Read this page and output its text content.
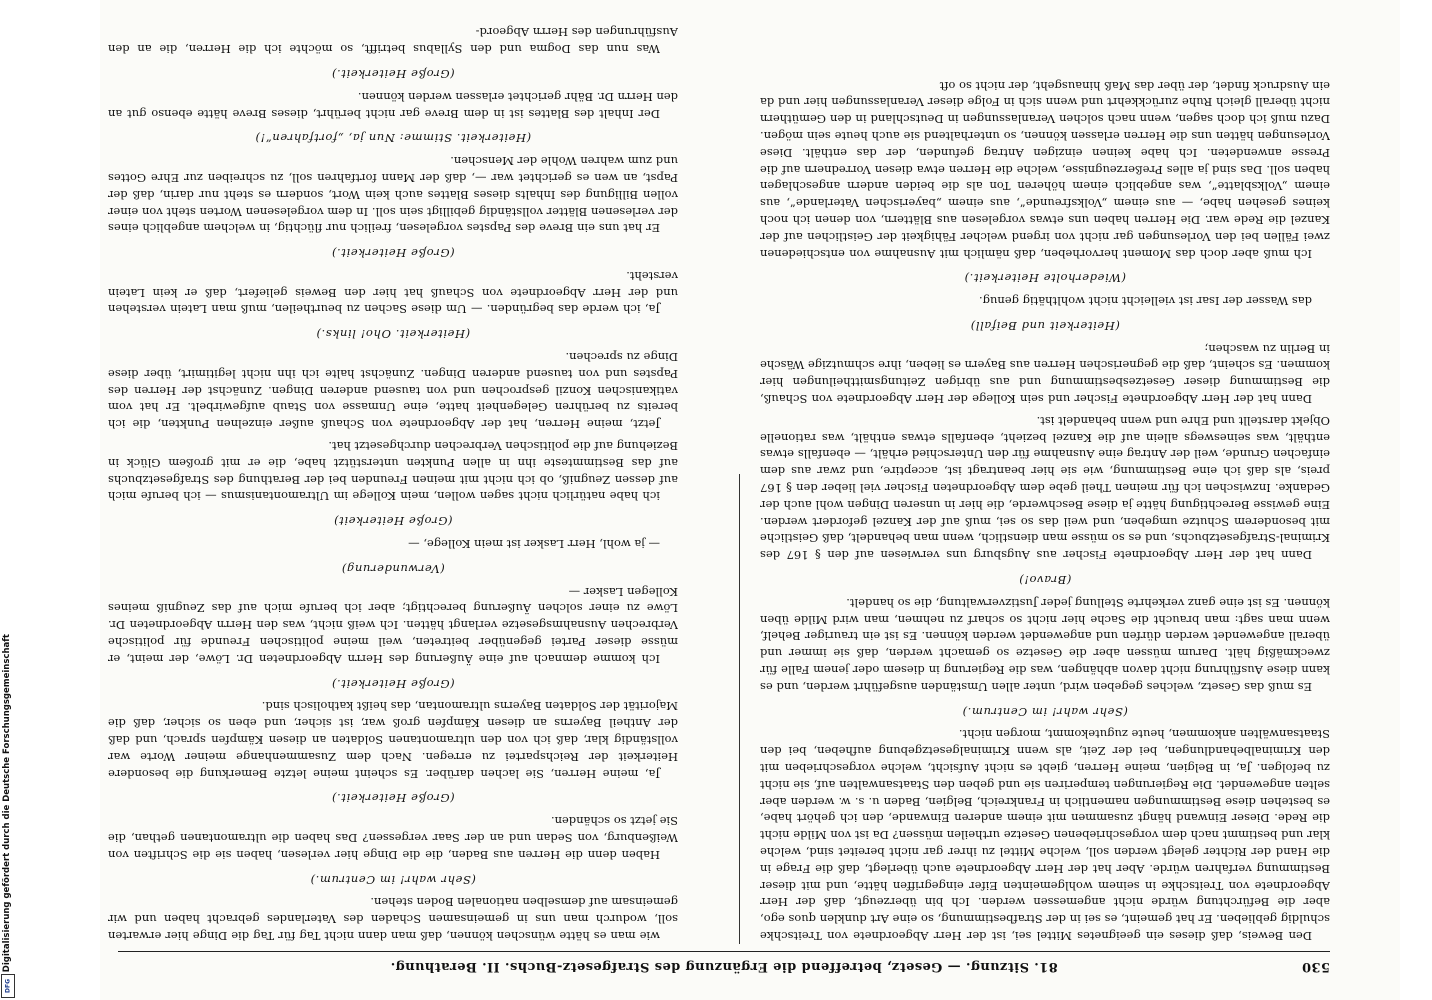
Digitalisierung gefördert durch die Deutsche Forschungsgemeinschaft
DFG
530
81. Sitzung. — Gesetz, betreffend die Ergänzung des Strafgesetz-Buchs. II. Berathung.

Den Beweis, daß dieses ein geeignetes Mittel sei, ist der Herr Abgeordnete von Treitschke schuldig geblieben. Er hat gemeint, es sei in der Strafbestimmung, so eine Art dunklen quos ego, aber die Befürchtung würde nicht angemessen werden. Ich bin überzeugt, daß der Herr Abgeordnete von Treitschke in seinem wohlgemeinten Eifer eingegriffen hätte, und mit dieser Bestimmung verfahren würde. Aber hat der Herr Abgeordnete auch überlegt, daß die Frage in die Hand der Richter gelegt werden soll, welche Mittel zu ihrer gar nicht bereitet sind, welche klar und bestimmt nach dem vorgeschriebenen Gesetze urtheilen müssen? Da ist von Milde nicht die Rede. Dieser Einwand hängt zusammen mit einem anderen Einwande, den ich gehört habe, es bestehen diese Bestimmungen namentlich in Frankreich, Belgien, Baden u. s. w. werden aber selten angewendet. Die Regierungen temperiren sie und geben den Staatsanwalten auf, sie nicht zu befolgen. Ja, in Belgien, meine Herren, giebt es nicht Aufsicht, welche vorgeschrieben mit den Kriminalbehandlungen, bei der Zeit, als wenn Kriminalgesetzgebung aufheben, bei den Staatsanwälten ankommen, heute zugutekommt, morgen nicht.

(Sehr wahr! im Centrum.)

Es muß das Gesetz, welches gegeben wird, unter allen Umständen ausgeführt werden, und es kann diese Ausführung nicht davon abhängen, was die Regierung in diesem oder jenem Falle für zweckmäßig hält. Darum müssen aber die Gesetze so gemacht werden, daß sie immer und überall angewendet werden dürfen und angewendet werden können. Es ist ein trauriger Behelf, wenn man sagt: man braucht die Sache hier nicht so scharf zu nehmen, man wird Milde üben können. Es ist eine ganz verkehrte Stellung jeder Justizverwaltung, die so handelt.

(Bravo!)

Dann hat der Herr Abgeordnete Fischer aus Augsburg uns verwiesen auf den § 167 des Kriminal-Strafgesetzbuchs, und es so müsse man dienstlich, wenn man behandelt, daß Geistliche mit besonderem Schutze umgeben, und weil das so sei, muß auf der Kanzel gefordert werden. Eine gewisse Berechtigung hätte ja diese Beschwerde, die hier in unseren Dingen wohl auch der Gedanke. Inzwischen ich für meinen Theil gebe dem Abgeordneten Fischer viel lieber den § 167 preis, als daß ich eine Bestimmung, wie sie hier beantragt ist, acceptire, und zwar aus dem einfachen Grunde, weil der Antrag eine Ausnahme für den Unterschied erhält, — ebenfalls etwas enthält, was seineswegs allein auf die Kanzel bezieht, ebenfalls etwas enthält, was rationelle Objekt darstellt und Ehre und wenn behandelt ist.

Dann hat der Herr Abgeordnete Fischer und sein Kollege der Herr Abgeordnete von Schauß, die Bestimmung dieser Gesetzesbestimmung und aus übrigen Zeitungsmittheilungen hier kommen. Es scheint, daß die gegnerischen Herren aus Bayern es lieben, ihre schmutzige Wäsche in Berlin zu waschen;

(Heiterkeit und Beifall)

das Wasser der Isar ist vielleicht nicht wohlthätig genug.

(Wiederholte Heiterkeit.)

Ich muß aber doch das Moment hervorheben, daß nämlich mit Ausnahme von entschiedenen zwei Fällen bei den Vorlesungen gar nicht von irgend welcher Fähigkeit der Geistlichen auf der Kanzel die Rede war. Die Herren haben uns etwas vorgelesen aus Blättern, von denen ich noch keines gesehen habe, — aus einem „Volksfreunde“, aus einem „bayerischen Vaterlande“, aus einem „Volksblatte“, was angeblich einem höheren Ton als die beiden andern angeschlagen haben soll. Das sind ja alles Preßerzeugnisse, welche die Herren etwa diesen Vorrednern auf die Presse anwendeten. Ich habe keinen einzigen Antrag gefunden, der das enthält. Diese Vorlesungen hätten uns die Herren erlassen können, so unterhaltend sie auch heute sein mögen. Dazu muß ich doch sagen, wenn nach solchen Veranlassungen in Deutschland in den Gemüthern nicht überall gleich Ruhe zurückkehrt und wenn sich in Folge dieser Veranlassungen hier und da ein Ausdruck findet, der über das Maß hinausgeht, der nicht so oft

wie man es hätte wünschen können, daß man dann nicht Tag für Tag die Dinge hier erwarten soll, wodurch man uns in gemeinsamen Schaden des Vaterlandes gebracht haben und wir gemeinsam auf demselben nationalen Boden stehen.

(Sehr wahr! im Centrum.)

Haben denn die Herren aus Baden, die die Dinge hier verlesen, haben sie die Schriften von Weißenburg, von Sedan und an der Saar vergessen? Das haben die ultramontanen gethan, die Sie jetzt so schänden.

(Große Heiterkeit.)

Ja, meine Herren, Sie lachen darüber. Es scheint meine letzte Bemerkung die besondere Heiterkeit der Reichspartei zu erregen. Nach dem Zusammenhange meiner Worte war vollständig klar, daß ich von den ultramontanen Soldaten an diesen Kämpfen sprach, und daß der Antheil Bayerns an diesen Kämpfen groß war, ist sicher, und eben so sicher, daß die Majorität der Soldaten Bayerns ultramontan, das heißt katholisch sind.

(Große Heiterkeit.)

Ich komme demnach auf eine Äußerung des Herrn Abgeordneten Dr. Löwe, der meint, er müsse dieser Partei gegenüber beitreten, weil meine politischen Freunde für politische Verbrechen Ausnahmsgesetze verlangt hätten. Ich weiß nicht, was den Herrn Abgeordneten Dr. Löwe zu einer solchen Äußerung berechtigt; aber ich berufe mich auf das Zeugniß meines Kollegen Lasker —

(Verwunderung)

— ja wohl, Herr Lasker ist mein Kollege, —

(Große Heiterkeit)

ich habe natürlich nicht sagen wollen, mein Kollege im Ultramontanismus — ich berufe mich auf dessen Zeugniß, ob ich nicht mit meinen Freunden bei der Berathung des Strafgesetzbuchs auf das Bestimmteste ihn in allen Punkten unterstützt habe, die er mit großem Glück in Beziehung auf die politischen Verbrechen durchgesetzt hat.

Jetzt, meine Herren, hat der Abgeordnete von Schauß außer einzelnen Punkten, die ich bereits zu berühren Gelegenheit hatte, eine Unmasse von Staub aufgewirbelt. Er hat vom vatikanischen Konzil gesprochen und von tausend anderen Dingen. Zunächst der Herren des Papstes und von tausend anderen Dingen. Zunächst halte ich ihn nicht legitimirt, über diese Dinge zu sprechen.

(Heiterkeit. Oho! links.)

Ja, ich werde das begründen. — Um diese Sachen zu beurtheilen, muß man Latein verstehen und der Herr Abgeordnete von Schauß hat hier den Beweis geliefert, daß er kein Latein versteht.

(Große Heiterkeit.)

Er hat uns ein Breve des Papstes vorgelesen, freilich nur flüchtig, in welchem angeblich eines der verlesenen Blätter vollständig gebilligt sein soll. In dem vorgelesenen Worten steht von einer vollen Billigung des Inhalts dieses Blattes auch kein Wort, sondern es steht nur darin, daß der Papst, an wen es gerichtet war —, daß der Mann fortfahren soll, zu schreiben zur Ehre Gottes und zum wahren Wohle der Menschen.

(Heiterkeit. Stimme: Nun ja, „fortfahren“!)

Der Inhalt des Blattes ist in dem Breve gar nicht berührt, dieses Breve hätte ebenso gut an den Herrn Dr. Bähr gerichtet erlassen werden können.

(Große Heiterkeit.)

Was nun das Dogma und den Syllabus betrifft, so möchte ich die Herren, die an den Ausführungen des Herrn Abgeord-
